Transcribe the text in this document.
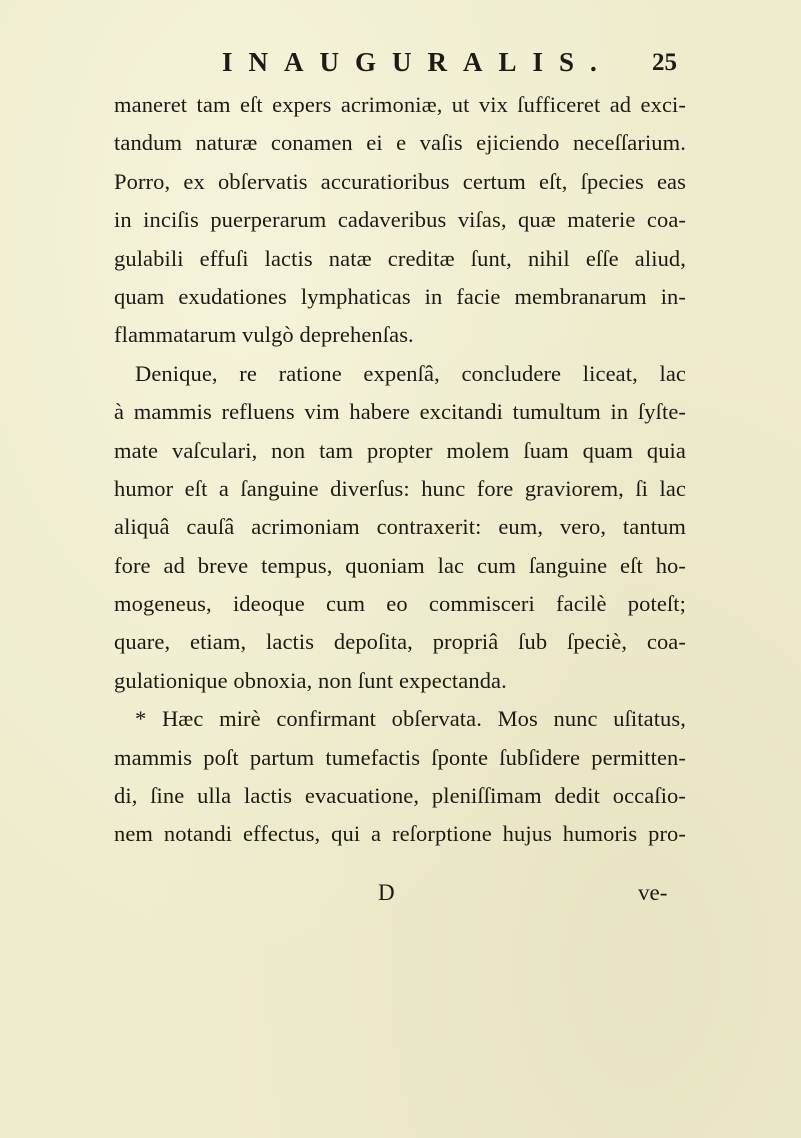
INAUGURALIS. 25
maneret tam eſt expers acrimoniæ, ut vix ſufficeret ad exci-
tandum naturæ conamen ei e vaſis ejiciendo neceſſarium.
Porro, ex obſervatis accuratioribus certum eſt, ſpecies eas
in inciſis puerperarum cadaveribus viſas, quæ materie coa-
gulabili effuſi lactis natæ creditæ ſunt, nihil eſſe aliud,
quam exudationes lymphaticas in facie membranarum in-
flammatarum vulgò deprehenſas.
Denique, re ratione expenſâ, concludere liceat, lac
à mammis refluens vim habere excitandi tumultum in ſyſte-
mate vaſculari, non tam propter molem ſuam quam quia
humor eſt a ſanguine diverſus: hunc fore graviorem, ſi lac
aliquâ cauſâ acrimoniam contraxerit: eum, vero, tantum
fore ad breve tempus, quoniam lac cum ſanguine eſt ho-
mogeneus, ideoque cum eo commisceri facilè poteſt;
quare, etiam, lactis depoſita, propriâ ſub ſpeciè, coa-
gulationique obnoxia, non ſunt expectanda.
* Hæc mirè confirmant obſervata. Mos nunc uſitatus,
mammis poſt partum tumefactis ſponte ſubſidere permitten-
di, ſine ulla lactis evacuatione, pleniſſimam dedit occaſio-
nem notandi effectus, qui a reſorptione hujus humoris pro-
D	ve-
